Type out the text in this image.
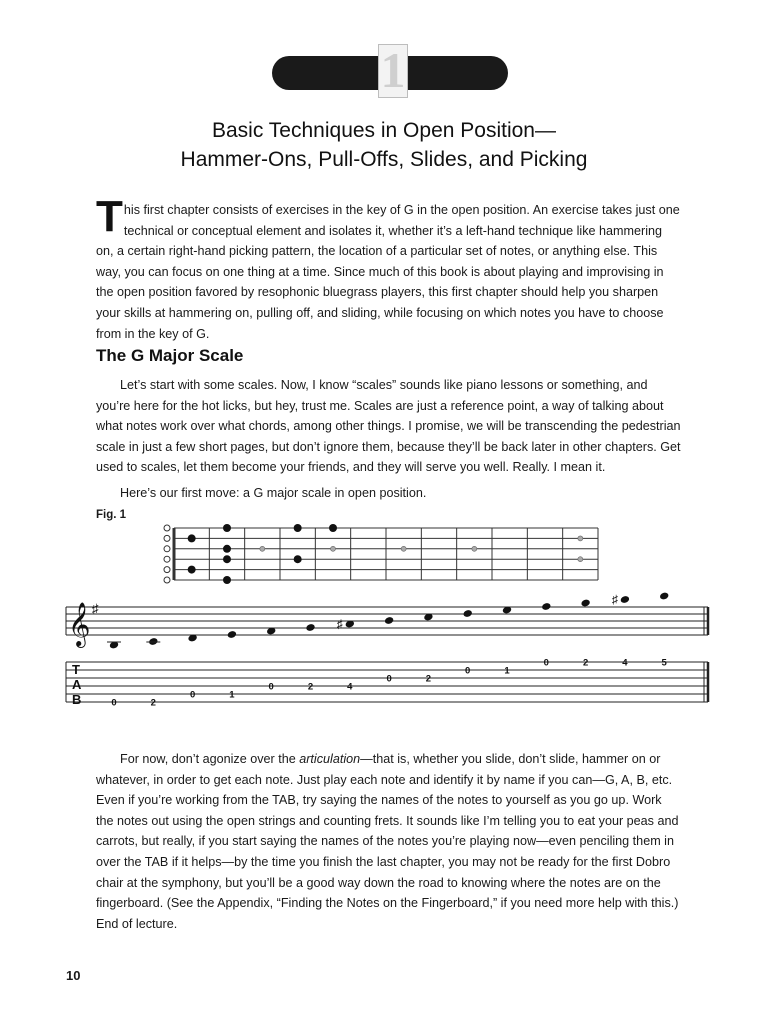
1
Chapter
Basic Techniques in Open Position—
Hammer-Ons, Pull-Offs, Slides, and Picking

This first chapter consists of exercises in the key of G in the open position. An exercise takes just one technical or conceptual element and isolates it, whether it’s a left-hand technique like hammering on, a certain right-hand picking pattern, the location of a particular set of notes, or anything else. This way, you can focus on one thing at a time. Since much of this book is about playing and improvising in the open position favored by resophonic bluegrass players, this first chapter should help you sharpen your skills at hammering on, pulling off, and sliding, while focusing on which notes you have to choose from in the key of G.

The G Major Scale

Let’s start with some scales. Now, I know “scales” sounds like piano lessons or something, and you’re here for the hot licks, but hey, trust me. Scales are just a reference point, a way of talking about what notes work over what chords, among other things. I promise, we will be transcending the pedestrian scale in just a few short pages, but don’t ignore them, because they’ll be back later in other chapters. Get used to scales, let them become your friends, and they will serve you well. Really. I mean it.

Here’s our first move: a G major scale in open position.

Fig. 1
𝄞 ♯
T
A
B
♯
♯
0	2
0	1
0	2	4
0	2
0	1
0	2	4	5

For now, don’t agonize over the articulation—that is, whether you slide, don’t slide, hammer on or whatever, in order to get each note. Just play each note and identify it by name if you can—G, A, B, etc. Even if you’re working from the TAB, try saying the names of the notes to yourself as you go up. Work the notes out using the open strings and counting frets. It sounds like I’m telling you to eat your peas and carrots, but really, if you start saying the names of the notes you’re playing now—even penciling them in over the TAB if it helps—by the time you finish the last chapter, you may not be ready for the first Dobro chair at the symphony, but you’ll be a good way down the road to knowing where the notes are on the fingerboard. (See the Appendix, “Finding the Notes on the Fingerboard,” if you need more help with this.) End of lecture.

10
